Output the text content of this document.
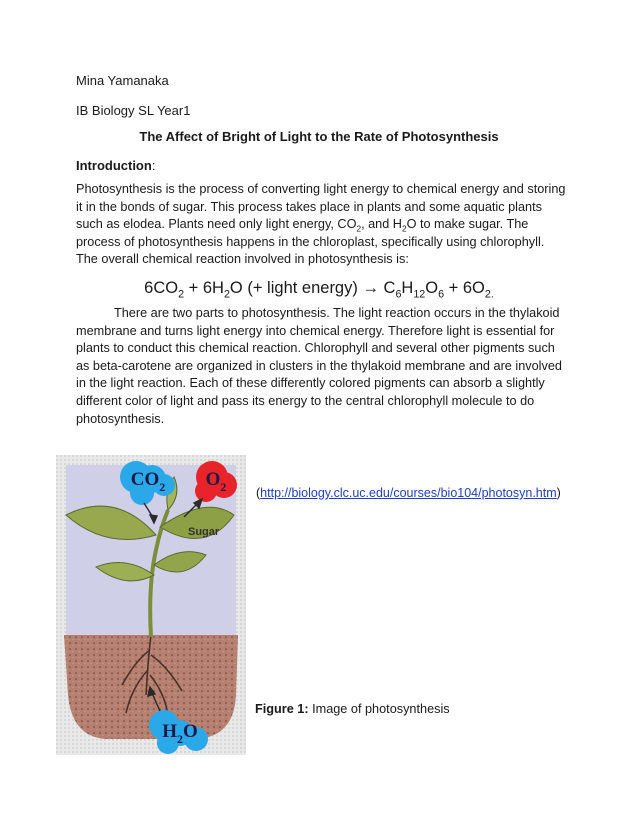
Mina Yamanaka
IB Biology SL Year1
The Affect of Bright of Light to the Rate of Photosynthesis
Introduction:
Photosynthesis is the process of converting light energy to chemical energy and storing it in the bonds of sugar. This process takes place in plants and some aquatic plants such as elodea. Plants need only light energy, $CO_2$, and $H_2O$ to make sugar. The process of photosynthesis happens in the chloroplast, specifically using chlorophyll. The overall chemical reaction involved in photosynthesis is:
$6CO_2 + 6H_2O$ (+ light energy) → $C_6H_{12}O_6 + 6O_{2.}$
There are two parts to photosynthesis. The light reaction occurs in the thylakoid membrane and turns light energy into chemical energy. Therefore light is essential for plants to conduct this chemical reaction. Chlorophyll and several other pigments such as beta-carotene are organized in clusters in the thylakoid membrane and are involved in the light reaction. Each of these differently colored pigments can absorb a slightly different color of light and pass its energy to the central chlorophyll molecule to do photosynthesis.
$CO_2$ $O_2$
Sugar
$H_2O$
(http://biology.clc.uc.edu/courses/bio104/photosyn.htm)
Figure 1: Image of photosynthesis
